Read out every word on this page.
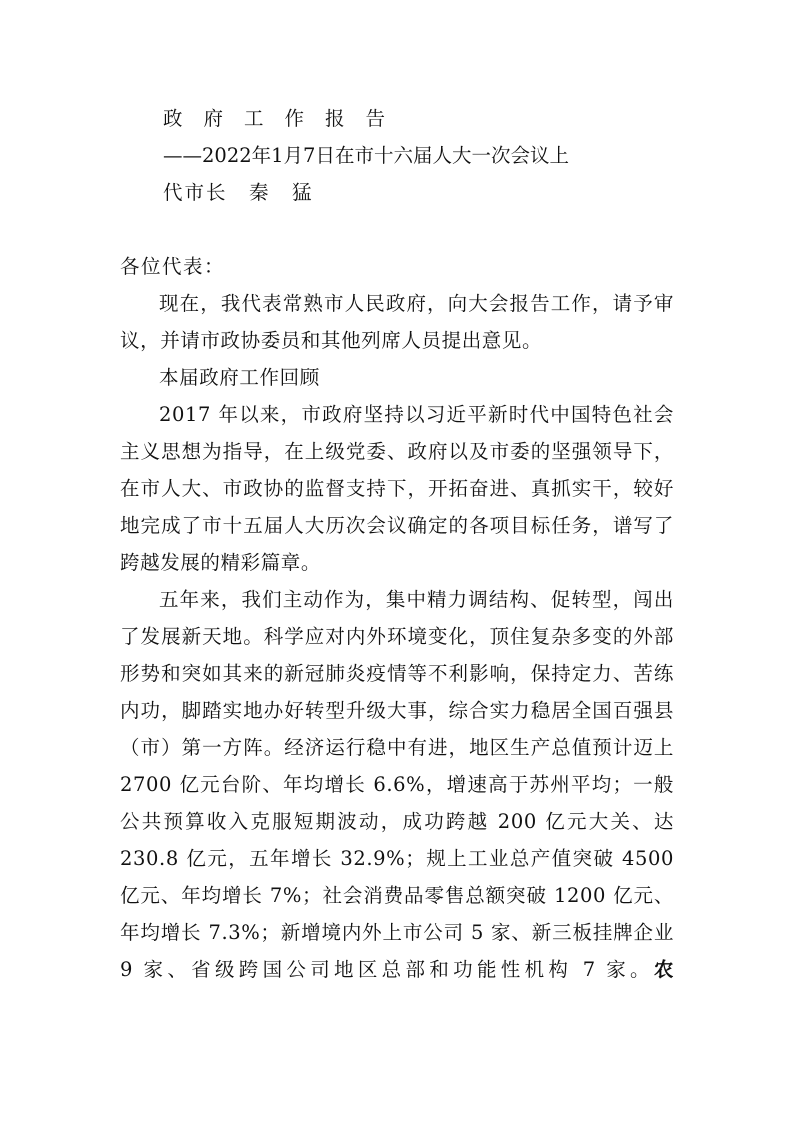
政府工作报告
——2022年1月7日在市十六届人大一次会议上
代市长　秦　猛

各位代表：

现在，我代表常熟市人民政府，向大会报告工作，请予审议，并请市政协委员和其他列席人员提出意见。

本届政府工作回顾

2017 年以来，市政府坚持以习近平新时代中国特色社会主义思想为指导，在上级党委、政府以及市委的坚强领导下，在市人大、市政协的监督支持下，开拓奋进、真抓实干，较好地完成了市十五届人大历次会议确定的各项目标任务，谱写了跨越发展的精彩篇章。

五年来，我们主动作为，集中精力调结构、促转型，闯出了发展新天地。科学应对内外环境变化，顶住复杂多变的外部形势和突如其来的新冠肺炎疫情等不利影响，保持定力、苦练内功，脚踏实地办好转型升级大事，综合实力稳居全国百强县（市）第一方阵。经济运行稳中有进，地区生产总值预计迈上 2700 亿元台阶、年均增长 6.6%，增速高于苏州平均；一般公共预算收入克服短期波动，成功跨越 200 亿元大关、达 230.8 亿元，五年增长 32.9%；规上工业总产值突破 4500 亿元、年均增长 7%；社会消费品零售总额突破 1200 亿元、年均增长 7.3%；新增境内外上市公司 5 家、新三板挂牌企业 9 家、省级跨国公司地区总部和功能性机构 7 家。农
